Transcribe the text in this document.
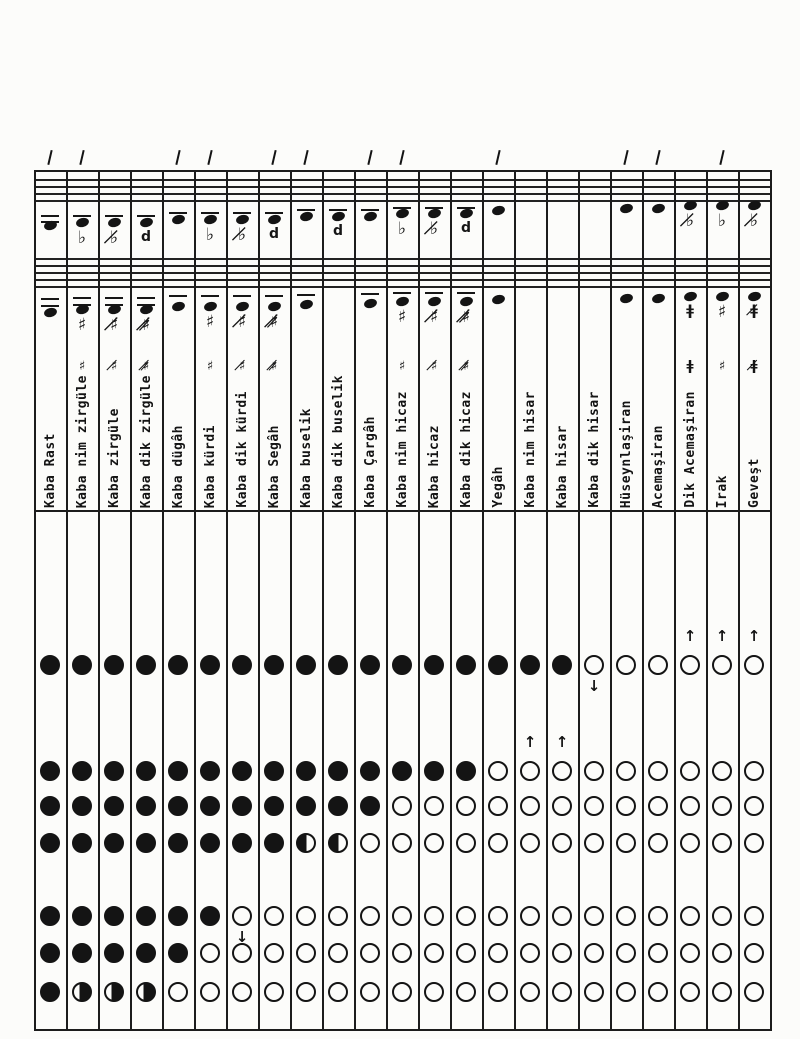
Kaba Rast
♭
♯
♯
Kaba nim zirgüle
♭̸
♯̸
♯̸
Kaba zirgüle
d
♯̸̷
♯̸̷
Kaba dik zirgüle Kaba dügâh
♭
♯
♯
Kaba kürdi
♭̸
♯̸
♯̸
Kaba dik kürdi
↓
d
♯̸̷
♯̸̷
Kaba Segâh Kaba buselik
d
Kaba dik buselik Kaba Çargâh
♭
♯
♯
Kaba nim hicaz
♭̸
♯̸
♯̸
Kaba hicaz
d
♯̸̷
♯̸̷
Kaba dik hicaz Yegâh Kaba nim hisar
↑
Kaba hisar
↑
Kaba dik hisar
↓
Hüseynlaşiran Acemaşiran
♭̸
ǂ
ǂ
Dik Acemaşiran
↑
♭
♯
♯
Irak
↑
♭̸
ǂ̸
ǂ̸
Geveşt
↑
